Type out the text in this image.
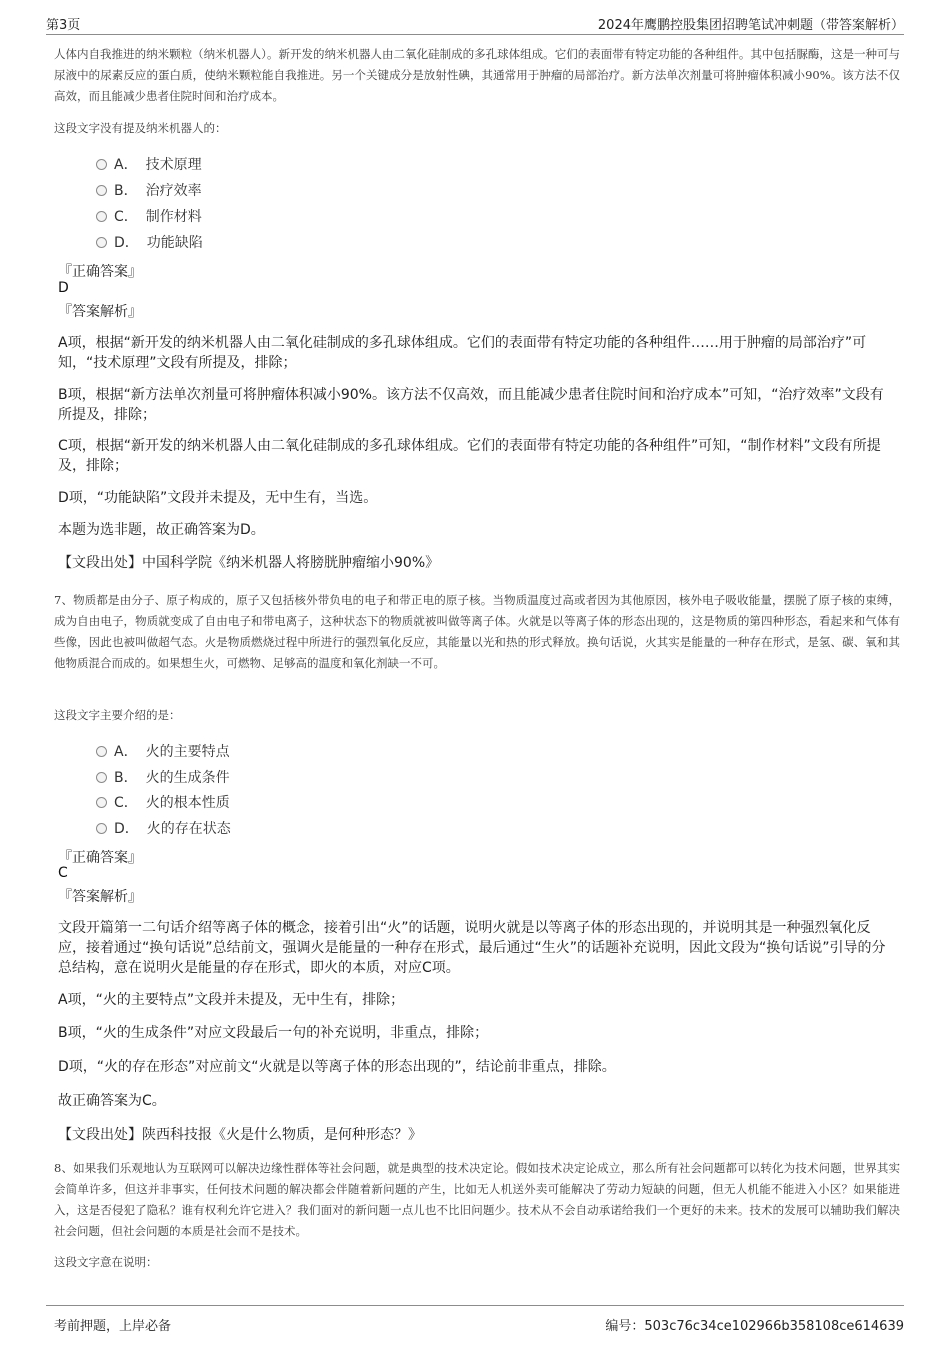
第3页	2024年鹰鹏控股集团招聘笔试冲刺题（带答案解析）
人体内自我推进的纳米颗粒（纳米机器人）。新开发的纳米机器人由二氧化硅制成的多孔球体组成。它们的表面带有特定功能的各种组件。其中包括脲酶，这是一种可与尿液中的尿素反应的蛋白质，使纳米颗粒能自我推进。另一个关键成分是放射性碘，其通常用于肿瘤的局部治疗。新方法单次剂量可将肿瘤体积减小90%。该方法不仅高效，而且能减少患者住院时间和治疗成本。
这段文字没有提及纳米机器人的：
A． 技术原理
B． 治疗效率
C． 制作材料
D． 功能缺陷
『正确答案』
D
『答案解析』
A项，根据“新开发的纳米机器人由二氧化硅制成的多孔球体组成。它们的表面带有特定功能的各种组件……用于肿瘤的局部治疗”可知，“技术原理”文段有所提及，排除；
B项，根据“新方法单次剂量可将肿瘤体积减小90%。该方法不仅高效，而且能减少患者住院时间和治疗成本”可知，“治疗效率”文段有所提及，排除；
C项，根据“新开发的纳米机器人由二氧化硅制成的多孔球体组成。它们的表面带有特定功能的各种组件”可知，“制作材料”文段有所提及，排除；
D项，“功能缺陷”文段并未提及，无中生有，当选。
本题为选非题，故正确答案为D。
【文段出处】中国科学院《纳米机器人将膀胱肿瘤缩小90%》
7、物质都是由分子、原子构成的，原子又包括核外带负电的电子和带正电的原子核。当物质温度过高或者因为其他原因，核外电子吸收能量，摆脱了原子核的束缚，成为自由电子，物质就变成了自由电子和带电离子，这种状态下的物质就被叫做等离子体。火就是以等离子体的形态出现的，这是物质的第四种形态，看起来和气体有些像，因此也被叫做超气态。火是物质燃烧过程中所进行的强烈氧化反应，其能量以光和热的形式释放。换句话说，火其实是能量的一种存在形式，是氢、碳、氧和其他物质混合而成的。如果想生火，可燃物、足够高的温度和氧化剂缺一不可。
这段文字主要介绍的是：
A． 火的主要特点
B． 火的生成条件
C． 火的根本性质
D． 火的存在状态
『正确答案』
C
『答案解析』
文段开篇第一二句话介绍等离子体的概念，接着引出“火”的话题，说明火就是以等离子体的形态出现的，并说明其是一种强烈氧化反应，接着通过“换句话说”总结前文，强调火是能量的一种存在形式，最后通过“生火”的话题补充说明，因此文段为“换句话说”引导的分总结构，意在说明火是能量的存在形式，即火的本质，对应C项。
A项，“火的主要特点”文段并未提及，无中生有，排除；
B项，“火的生成条件”对应文段最后一句的补充说明，非重点，排除；
D项，“火的存在形态”对应前文“火就是以等离子体的形态出现的”，结论前非重点，排除。
故正确答案为C。
【文段出处】陕西科技报《火是什么物质，是何种形态？》
8、如果我们乐观地认为互联网可以解决边缘性群体等社会问题，就是典型的技术决定论。假如技术决定论成立，那么所有社会问题都可以转化为技术问题，世界其实会简单许多，但这并非事实，任何技术问题的解决都会伴随着新问题的产生，比如无人机送外卖可能解决了劳动力短缺的问题，但无人机能不能进入小区？如果能进入，这是否侵犯了隐私？谁有权利允许它进入？我们面对的新问题一点儿也不比旧问题少。技术从不会自动承诺给我们一个更好的未来。技术的发展可以辅助我们解决社会问题，但社会问题的本质是社会而不是技术。
这段文字意在说明：
考前押题，上岸必备	编号：503c76c34ce102966b358108ce614639
